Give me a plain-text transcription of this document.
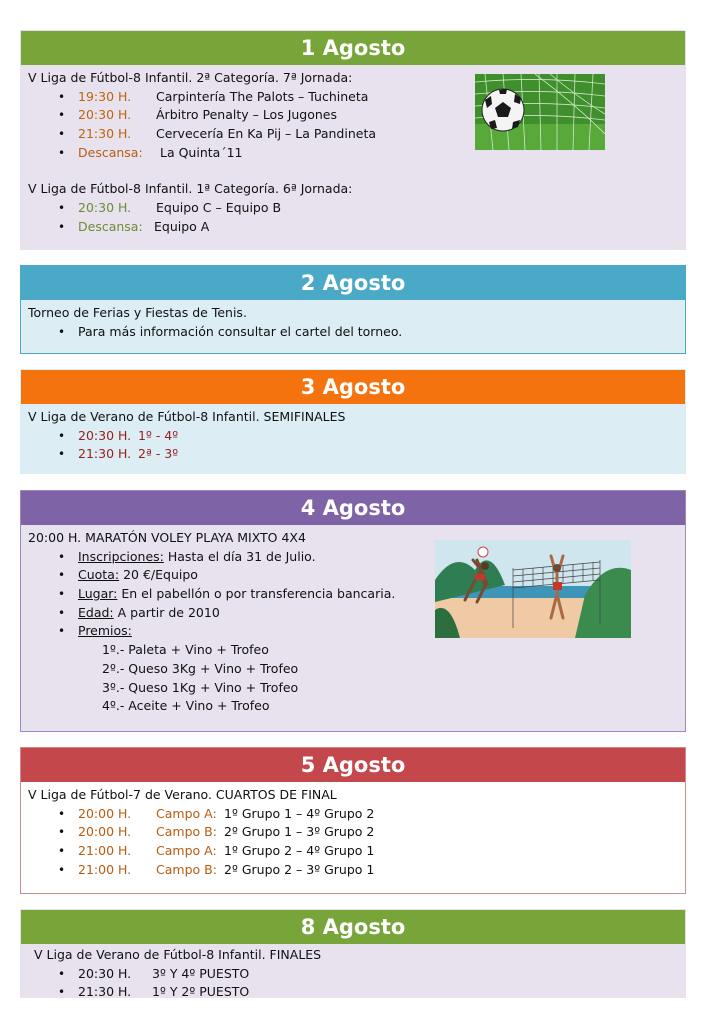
1 Agosto
V Liga de Fútbol-8 Infantil. 2ª Categoría. 7ª Jornada:
• 19:30 H. Carpintería The Palots – Tuchineta
• 20:30 H. Árbitro Penalty – Los Jugones
• 21:30 H. Cervecería En Ka Pij – La Pandineta
• Descansa: La Quinta´11
V Liga de Fútbol-8 Infantil. 1ª Categoría. 6ª Jornada:
• 20:30 H. Equipo C – Equipo B
• Descansa: Equipo A
2 Agosto
Torneo de Ferias y Fiestas de Tenis.
• Para más información consultar el cartel del torneo.
3 Agosto
V Liga de Verano de Fútbol-8 Infantil. SEMIFINALES
• 20:30 H. 1º - 4º
• 21:30 H. 2ª - 3º
4 Agosto
20:00 H. MARATÓN VOLEY PLAYA MIXTO 4X4
• Inscripciones: Hasta el día 31 de Julio.
• Cuota: 20 €/Equipo
• Lugar: En el pabellón o por transferencia bancaria.
• Edad: A partir de 2010
• Premios:
1º.- Paleta + Vino + Trofeo
2º.- Queso 3Kg + Vino + Trofeo
3º.- Queso 1Kg + Vino + Trofeo
4º.- Aceite + Vino + Trofeo
5 Agosto
V Liga de Fútbol-7 de Verano. CUARTOS DE FINAL
• 20:00 H. Campo A: 1º Grupo 1 – 4º Grupo 2
• 20:00 H. Campo B: 2º Grupo 1 – 3º Grupo 2
• 21:00 H. Campo A: 1º Grupo 2 – 4º Grupo 1
• 21:00 H. Campo B: 2º Grupo 2 – 3º Grupo 1
8 Agosto
V Liga de Verano de Fútbol-8 Infantil. FINALES
• 20:30 H. 3º Y 4º PUESTO
• 21:30 H. 1º Y 2º PUESTO
